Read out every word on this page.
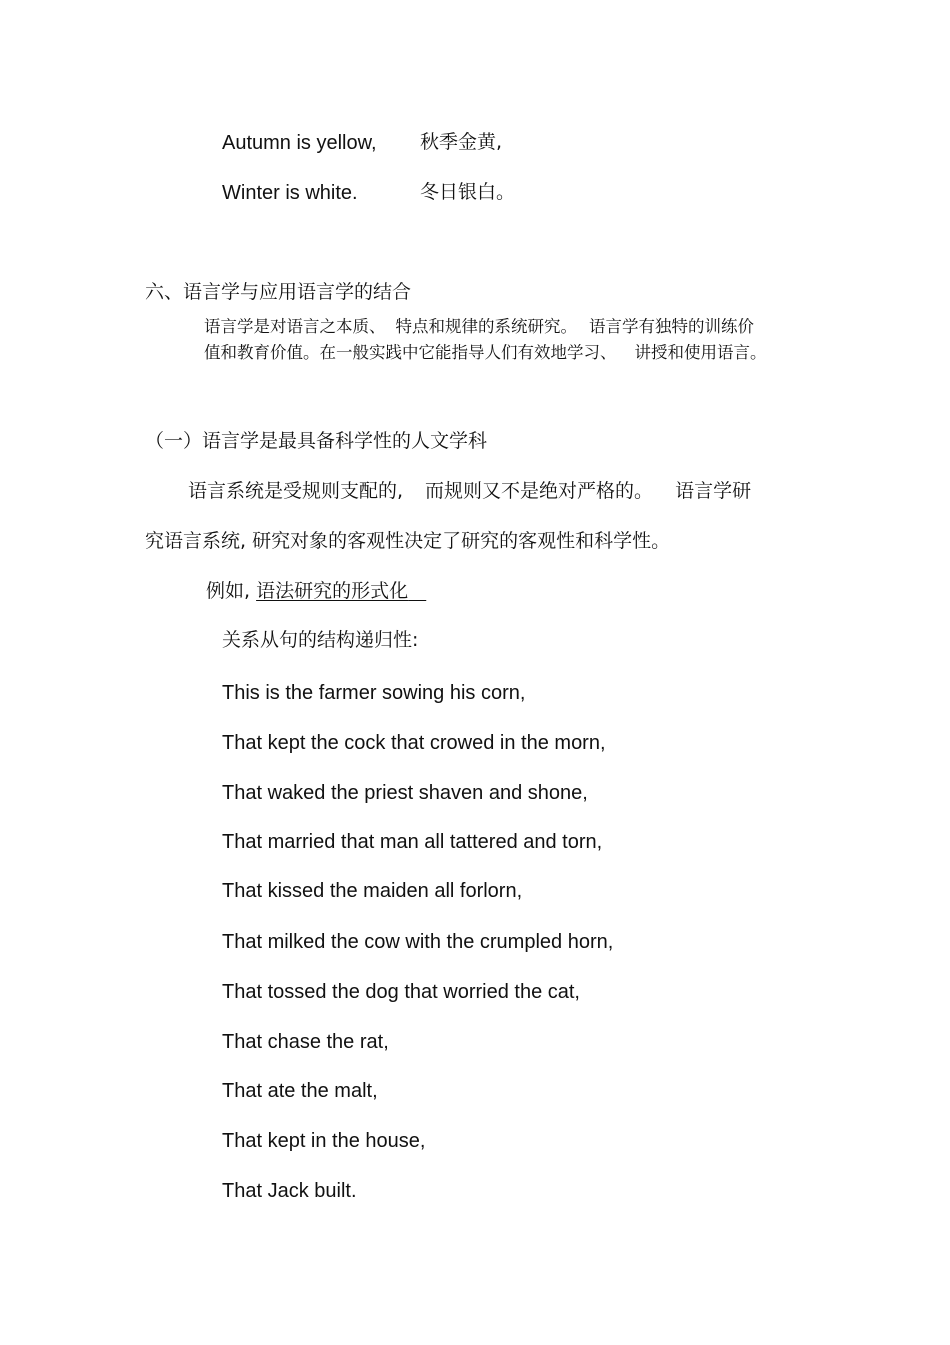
Autumn is yellow, 秋季金黄,
Winter is white.	冬日银白。
六、语言学与应用语言学的结合
语言学是对语言之本质、 特点和规律的系统研究。 语言学有独特的训练价
值和教育价值。在一般实践中它能指导人们有效地学习、 讲授和使用语言。
（一）语言学是最具备科学性的人文学科
语言系统是受规则支配的, 而规则又不是绝对严格的。 语言学研
究语言系统, 研究对象的客观性决定了研究的客观性和科学性。
例如, 语法研究的形式化
关系从句的结构递归性:
This is the farmer sowing his corn,
That kept the cock that crowed in the morn,
That waked the priest shaven and shone,
That married that man all tattered and torn,
That kissed the maiden all forlorn,
That milked the cow with the crumpled horn,
That tossed the dog that worried the cat,
That chase the rat,
That ate the malt,
That kept in the house,
That Jack built.
